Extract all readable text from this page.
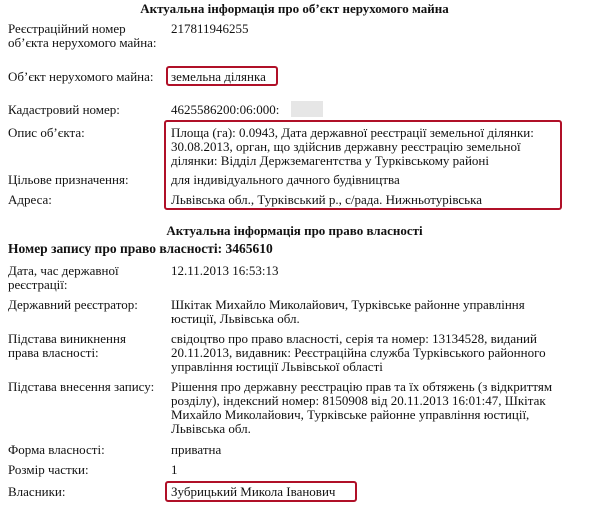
Актуальна інформація про об’єкт нерухомого майна
Реєстраційний номер об’єкта нерухомого майна:
217811946255
Об’єкт нерухомого майна:	земельна ділянка
Кадастровий номер:	4625586200:06:000:
Опис об’єкта:	Площа (га): 0.0943, Дата державної реєстрації земельної ділянки: 30.08.2013, орган, що здійснив державну реєстрацію земельної ділянки: Відділ Держземагентства у Турківському районі
Цільове призначення:	для індивідуального дачного будівництва
Адреса:	Львівська обл., Турківський р., с/рада. Нижньотурівська
Актуальна інформація про право власності
Номер запису про право власності: 3465610
Дата, час державної реєстрації:
12.11.2013 16:53:13
Державний реєстратор:	Шкітак Михайло Миколайович, Турківське районне управління юстиції, Львівська обл.
Підстава виникнення права власності:
свідоцтво про право власності, серія та номер: 13134528, виданий 20.11.2013, видавник: Реєстраційна служба Турківського районного управління юстиції Львівської області
Підстава внесення запису: Рішення про державну реєстрацію прав та їх обтяжень (з відкриттям розділу), індексний номер: 8150908 від 20.11.2013 16:01:47, Шкітак Михайло Миколайович, Турківське районне управління юстиції, Львівська обл.
Форма власності:	приватна
Розмір частки:	1
Власники:	Зубрицький Микола Іванович
